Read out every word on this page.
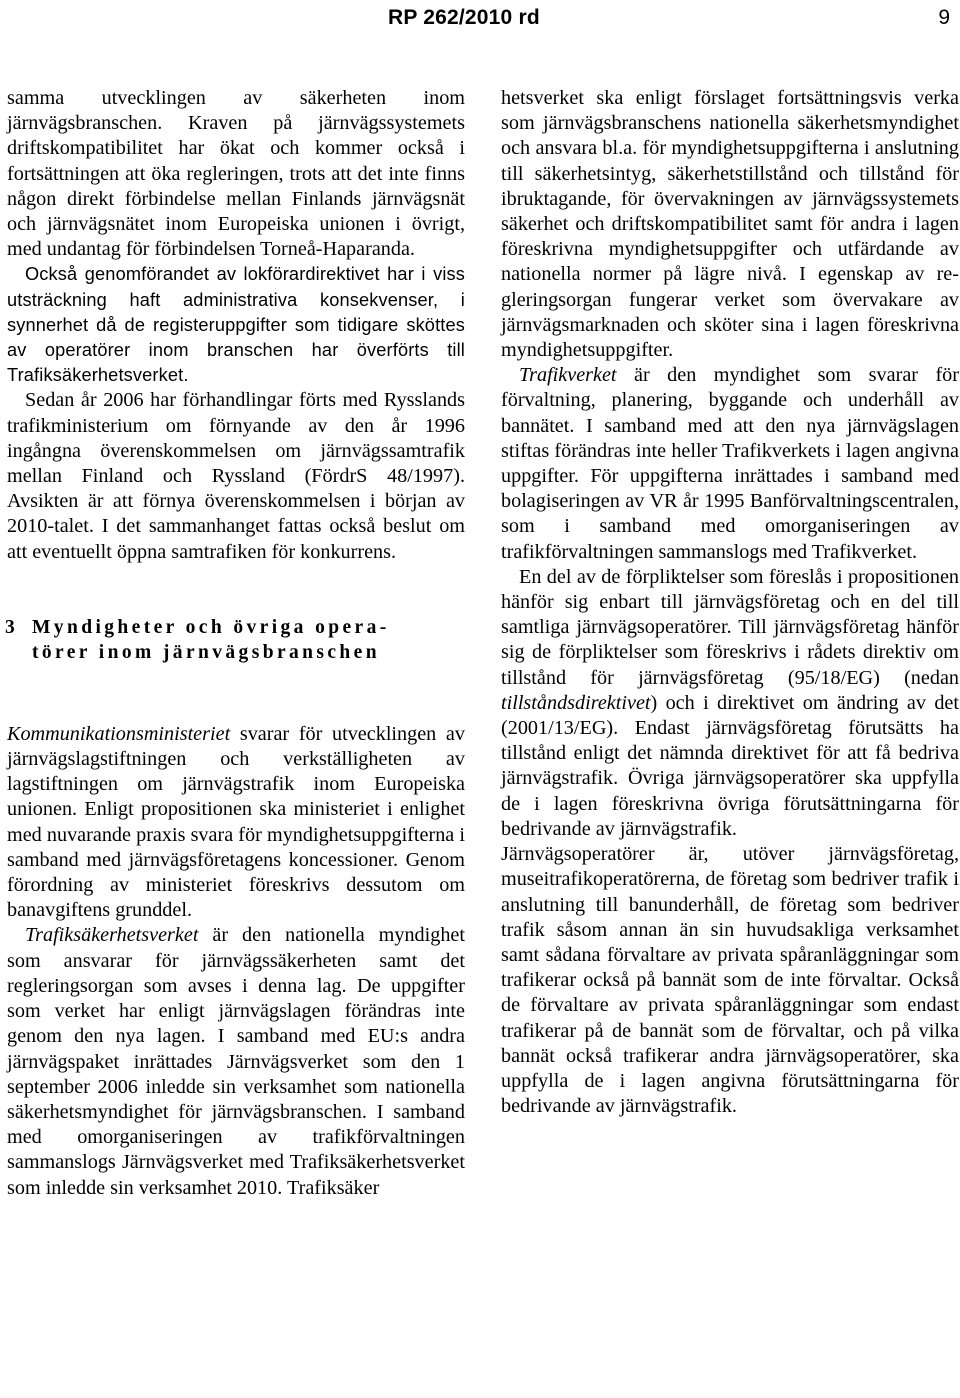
RP 262/2010 rd	9

samma utvecklingen av säkerheten inom järnvägsbranschen. Kraven på järnvägssystemets driftskompatibilitet har ökat och kommer också i fortsättningen att öka regleringen, trots att det inte finns någon direkt förbindelse mellan Finlands järnvägsnät och järnvägsnätet inom Europeiska unionen i övrigt, med undantag för förbindelsen Torneå-Haparanda.

Också genomförandet av lokförardirektivet har i viss utsträckning haft administrativa konsekvenser, i synnerhet då de registeruppgifter som tidigare sköttes av operatörer inom branschen har överförts till Trafiksäkerhetsverket.

Sedan år 2006 har förhandlingar förts med Rysslands trafikministerium om förnyande av den år 1996 ingångna överenskommelsen om järnvägssamtrafik mellan Finland och Ryssland (FördrS 48/1997). Avsikten är att förnya överenskommelsen i början av 2010-talet. I det sammanhanget fattas också beslut om att eventuellt öppna samtrafiken för konkurrens.

3 Myndigheter och övriga operatörer inom järnvägsbranschen

Kommunikationsministeriet svarar för utvecklingen av järnvägslagstiftningen och verkställigheten av lagstiftningen om järnvägstrafik inom Europeiska unionen. Enligt propositionen ska ministeriet i enlighet med nuvarande praxis svara för myndighetsuppgifterna i samband med järnvägsföretagens koncessioner. Genom förordning av ministeriet föreskrivs dessutom om banavgiftens grunddel.

Trafiksäkerhetsverket är den nationella myndighet som ansvarar för järnvägssäkerheten samt det regleringsorgan som avses i denna lag. De uppgifter som verket har enligt järnvägslagen förändras inte genom den nya lagen. I samband med EU:s andra järnvägspaket inrättades Järnvägsverket som den 1 september 2006 inledde sin verksamhet som nationella säkerhetsmyndighet för järnvägsbranschen. I samband med omorganiseringen av trafikförvaltningen sammanslogs Järnvägsverket med Trafiksäkerhetsverket som inledde sin verksamhet 2010. Trafiksäker

hetsverket ska enligt förslaget fortsättningsvis verka som järnvägsbranschens nationella säkerhetsmyndighet och ansvara bl.a. för myndighetsuppgifterna i anslutning till säkerhetsintyg, säkerhetstillstånd och tillstånd för ibruktagande, för övervakningen av järnvägssystemets säkerhet och driftskompatibilitet samt för andra i lagen föreskrivna myndighetsuppgifter och utfärdande av nationella normer på lägre nivå. I egenskap av regleringsorgan fungerar verket som övervakare av järnvägsmarknaden och sköter sina i lagen föreskrivna myndighetsuppgifter.

Trafikverket är den myndighet som svarar för förvaltning, planering, byggande och underhåll av bannätet. I samband med att den nya järnvägslagen stiftas förändras inte heller Trafikverkets i lagen angivna uppgifter. För uppgifterna inrättades i samband med bolagiseringen av VR år 1995 Banförvaltningscentralen, som i samband med omorganiseringen av trafikförvaltningen sammanslogs med Trafikverket.

En del av de förpliktelser som föreslås i propositionen hänför sig enbart till järnvägsföretag och en del till samtliga järnvägsoperatörer. Till järnvägsföretag hänför sig de förpliktelser som föreskrivs i rådets direktiv om tillstånd för järnvägsföretag (95/18/EG) (nedan tillståndsdirektivet) och i direktivet om ändring av det (2001/13/EG). Endast järnvägsföretag förutsätts ha tillstånd enligt det nämnda direktivet för att få bedriva järnvägstrafik. Övriga järnvägsoperatörer ska uppfylla de i lagen föreskrivna övriga förutsättningarna för bedrivande av järnvägstrafik.

Järnvägsoperatörer är, utöver järnvägsföretag, museitrafikoperatörerna, de företag som bedriver trafik i anslutning till banunderhåll, de företag som bedriver trafik såsom annan än sin huvudsakliga verksamhet samt sådana förvaltare av privata spåranläggningar som trafikerar också på bannät som de inte förvaltar. Också de förvaltare av privata spåranläggningar som endast trafikerar på de bannät som de förvaltar, och på vilka bannät också trafikerar andra järnvägsoperatörer, ska uppfylla de i lagen angivna förutsättningarna för bedrivande av järnvägstrafik.
